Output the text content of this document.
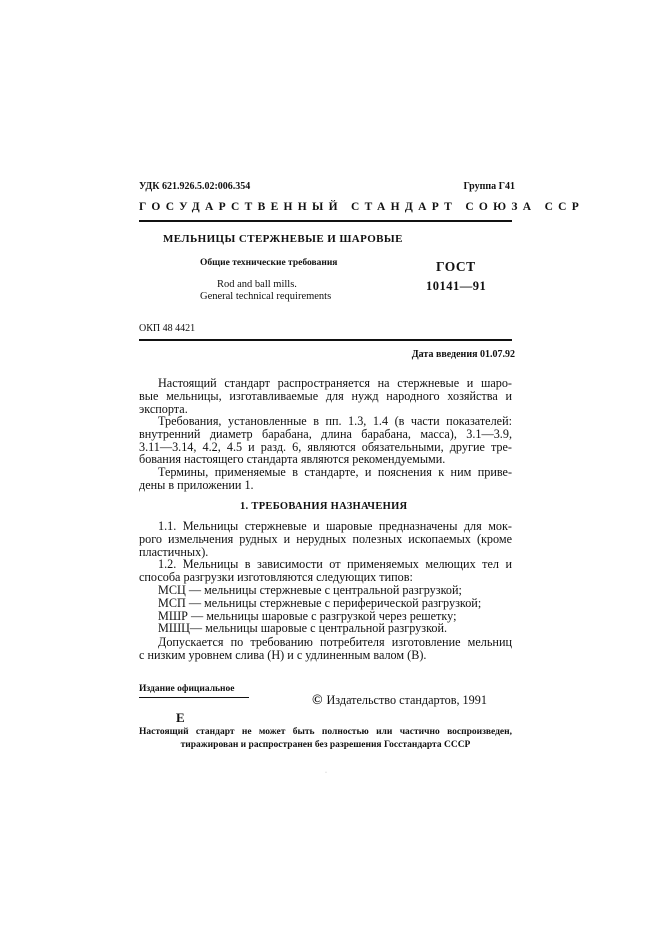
УДК 621.926.5.02:006.354	Группа Г41
ГОСУДАРСТВЕННЫЙ СТАНДАРТ СОЮЗА ССР
МЕЛЬНИЦЫ СТЕРЖНЕВЫЕ И ШАРОВЫЕ
Общие технические требования
Rod and ball mills.
General technical requirements
ГОСТ
10141—91
ОКП 48 4421
Дата введения 01.07.92
Настоящий стандарт распространяется на стержневые и шаро-
вые мельницы, изготавливаемые для нужд народного хозяйства и
экспорта.
Требования, установленные в пп. 1.3, 1.4 (в части показателей:
внутренний диаметр барабана, длина барабана, масса), 3.1—3.9,
3.11—3.14, 4.2, 4.5 и разд. 6, являются обязательными, другие тре-
бования настоящего стандарта являются рекомендуемыми.
Термины, применяемые в стандарте, и пояснения к ним приве-
дены в приложении 1.
1. ТРЕБОВАНИЯ НАЗНАЧЕНИЯ
1.1. Мельницы стержневые и шаровые предназначены для мок-
рого измельчения рудных и нерудных полезных ископаемых (кроме
пластичных).
1.2. Мельницы в зависимости от применяемых мелющих тел и
способа разгрузки изготовляются следующих типов:
МСЦ — мельницы стержневые с центральной разгрузкой;
МСП — мельницы стержневые с периферической разгрузкой;
МШР — мельницы шаровые с разгрузкой через решетку;
МШЦ— мельницы шаровые с центральной разгрузкой.
Допускается по требованию потребителя изготовление мельниц
с низким уровнем слива (Н) и с удлиненным валом (В).
Издание официальное
© Издательство стандартов, 1991
Е
Настоящий стандарт не может быть полностью или частично воспроизведен,
тиражирован и распространен без разрешения Госстандарта СССР
·
